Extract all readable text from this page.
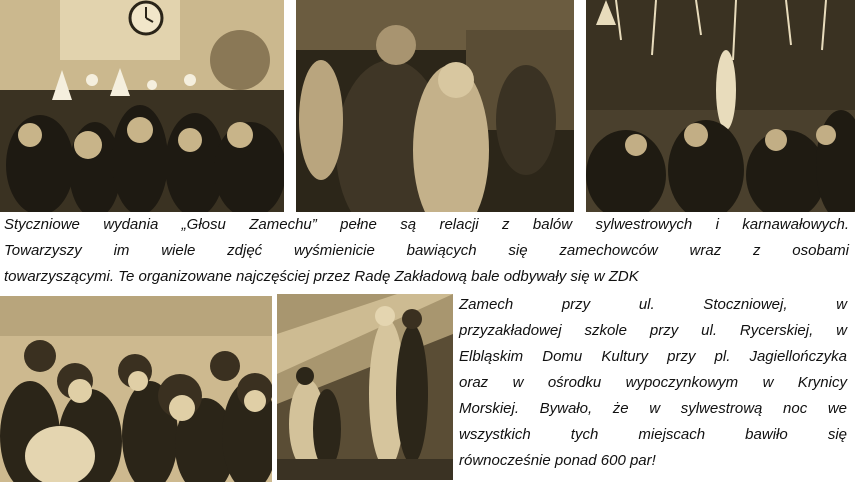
Styczniowe wydania „Głosu Zamechu” pełne są relacji z balów sylwestrowych i karnawałowych.
Towarzyszy im wiele zdjęć wyśmienicie bawiących się zamechowców wraz z osobami
towarzyszącymi. Te organizowane najczęściej przez Radę Zakładową bale odbywały się w ZDK

Zamech przy ul. Stoczniowej, w
przyzakładowej szkole przy ul. Rycerskiej, w
Elbląskim Domu Kultury przy pl. Jagiellończyka
oraz w ośrodku wypoczynkowym w Krynicy
Morskiej. Bywało, że w sylwestrową noc we
wszystkich tych miejscach bawiło się
równocześnie ponad 600 par!
